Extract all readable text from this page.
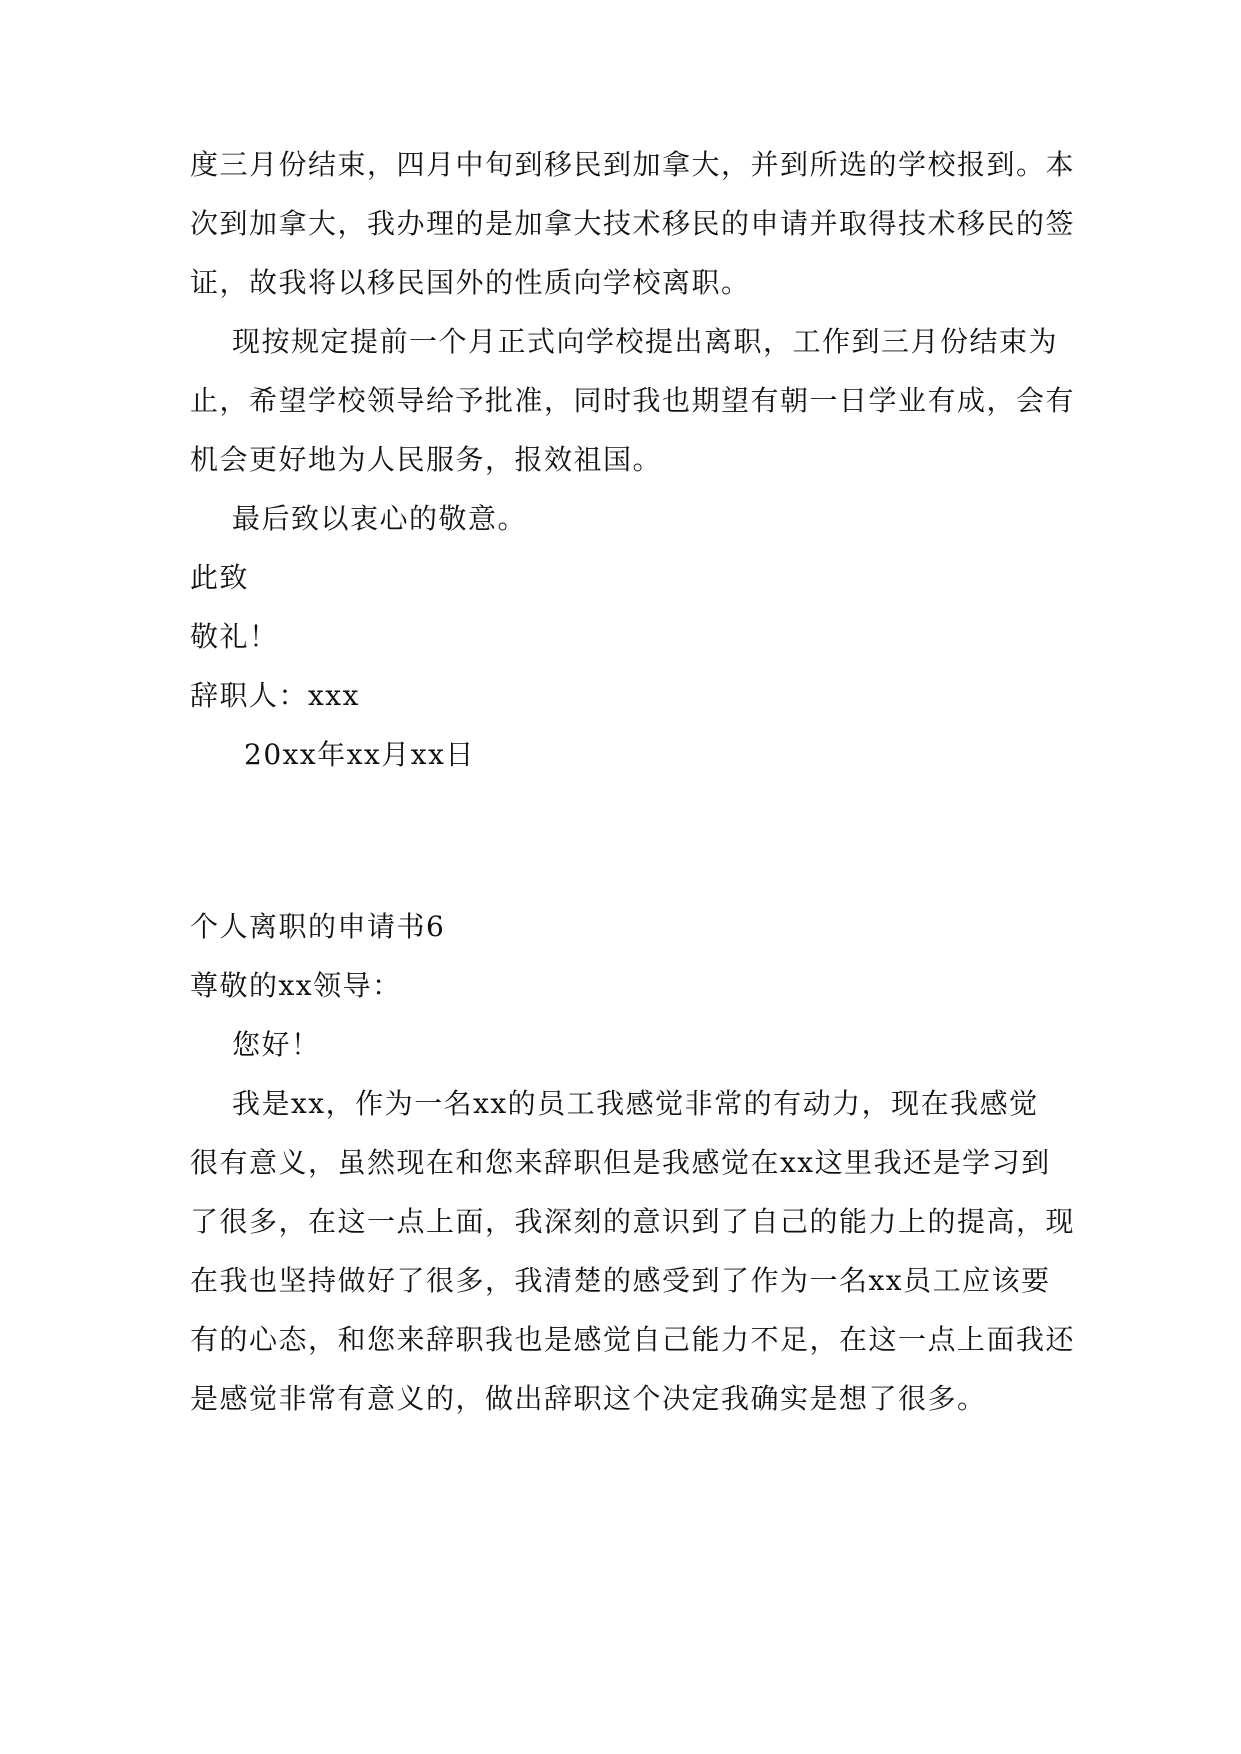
度三月份结束，四月中旬到移民到加拿大，并到所选的学校报到。本
次到加拿大，我办理的是加拿大技术移民的申请并取得技术移民的签
证，故我将以移民国外的性质向学校离职。
现按规定提前一个月正式向学校提出离职，工作到三月份结束为
止，希望学校领导给予批准，同时我也期望有朝一日学业有成，会有
机会更好地为人民服务，报效祖国。
最后致以衷心的敬意。
此致
敬礼！
辞职人：xxx
20xx年xx月xx日
个人离职的申请书6
尊敬的xx领导：
您好！
我是xx，作为一名xx的员工我感觉非常的有动力，现在我感觉
很有意义，虽然现在和您来辞职但是我感觉在xx这里我还是学习到
了很多，在这一点上面，我深刻的意识到了自己的能力上的提高，现
在我也坚持做好了很多，我清楚的感受到了作为一名xx员工应该要
有的心态，和您来辞职我也是感觉自己能力不足，在这一点上面我还
是感觉非常有意义的，做出辞职这个决定我确实是想了很多。
